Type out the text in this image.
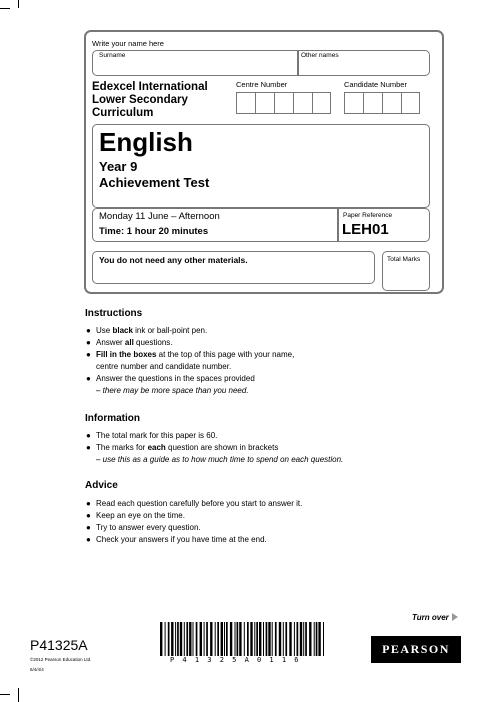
Write your name here
Surname	Other names
Edexcel International
Lower Secondary
Curriculum
Centre Number	Candidate Number
English
Year 9
Achievement Test
Monday 11 June – Afternoon
Time: 1 hour 20 minutes
Paper Reference
LEH01
You do not need any other materials.	Total Marks
Instructions
● Use black ink or ball-point pen.
● Answer all questions.
● Fill in the boxes at the top of this page with your name,
centre number and candidate number.
● Answer the questions in the spaces provided
– there may be more space than you need.
Information
● The total mark for this paper is 60.
● The marks for each question are shown in brackets
– use this as a guide as to how much time to spend on each question.
Advice
● Read each question carefully before you start to answer it.
● Keep an eye on the time.
● Try to answer every question.
● Check your answers if you have time at the end.
Turn over
P41325A
©2012 Pearson Education Ltd.
6/4/4/4
P 4 1 3 2 5 A 0 1 1 6
PEARSON
